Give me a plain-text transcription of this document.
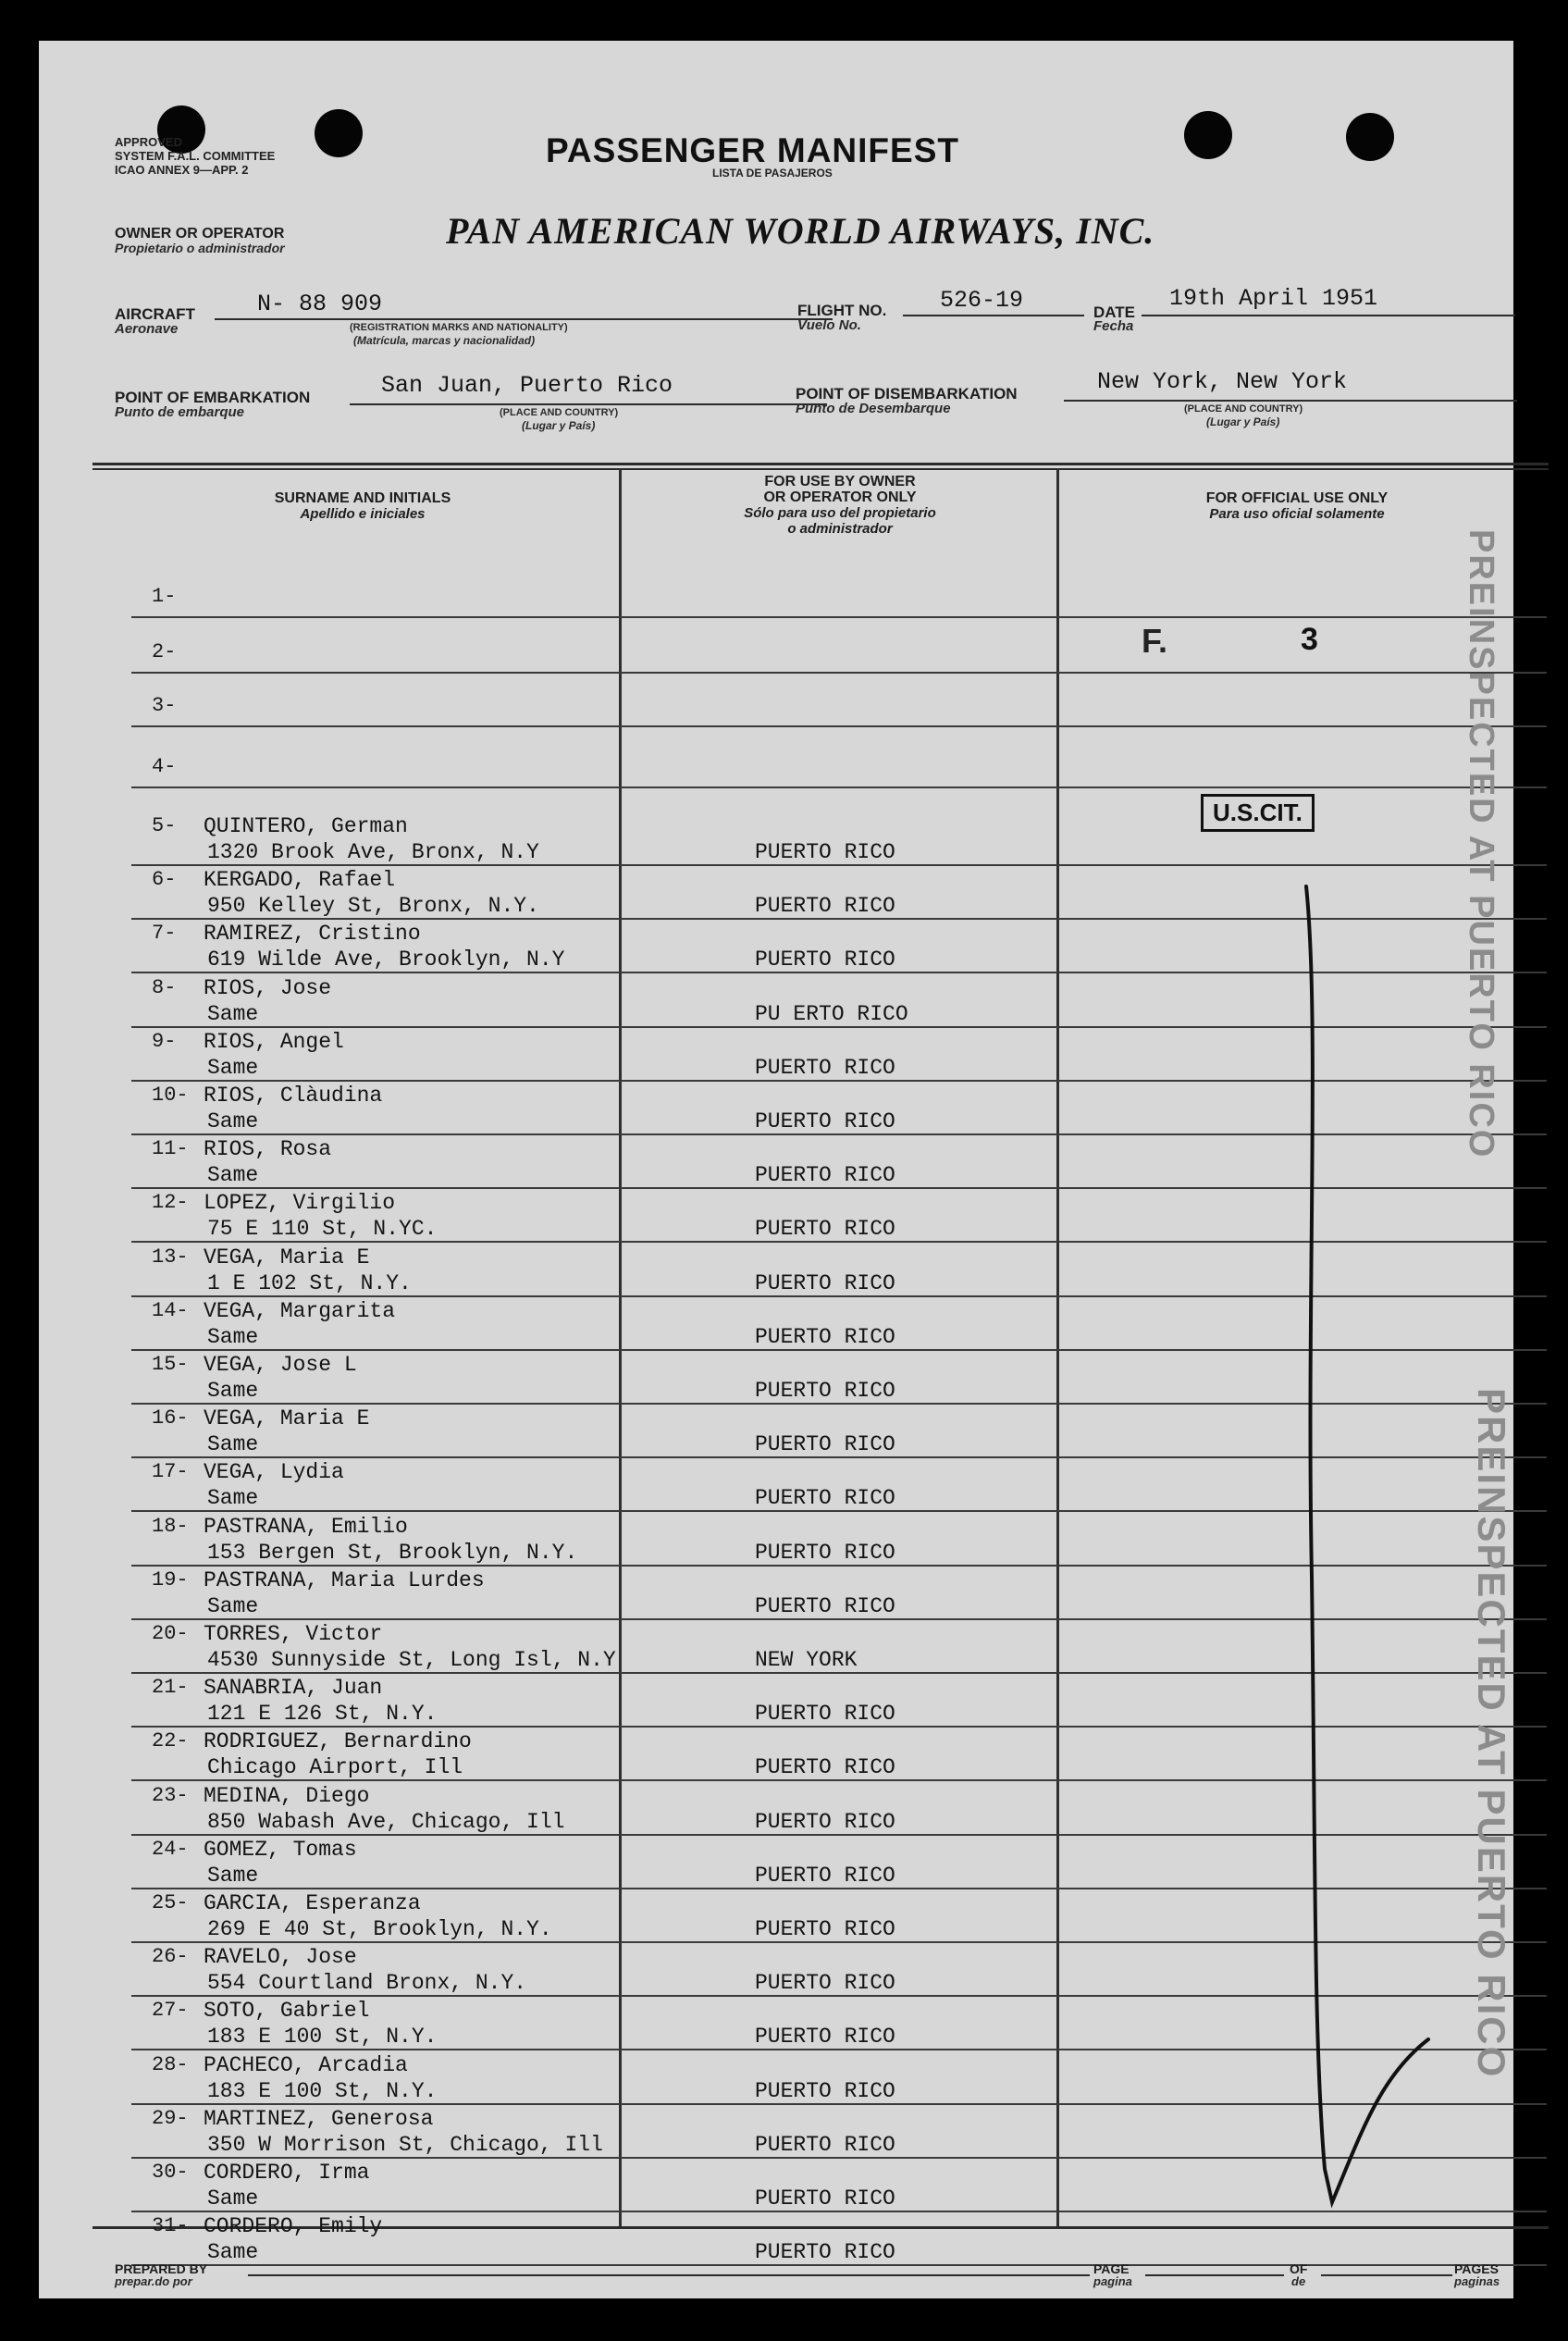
APPROVED
SYSTEM F.A.L. COMMITTEE
ICAO ANNEX 9—APP. 2
PASSENGER MANIFEST
LISTA DE PASAJEROS
OWNER OR OPERATOR
Propietario o administrador	PAN AMERICAN WORLD AIRWAYS, INC.
AIRCRAFT
Aeronave
N- 88 909
(REGISTRATION MARKS AND NATIONALITY)
(Matrícula, marcas y nacionalidad)
FLIGHT NO.
Vuelo No.
526-19	DATE
Fecha
19th April 1951
POINT OF EMBARKATION
Punto de embarque
San Juan, Puerto Rico
(PLACE AND COUNTRY)
(Lugar y País)
POINT OF DISEMBARKATION
Punto de Desembarque
New York, New York
(PLACE AND COUNTRY)
(Lugar y País)
SURNAME AND INITIALS
Apellido e iniciales
FOR USE BY OWNER
OR OPERATOR ONLY
Sólo para uso del propietario
o administrador
FOR OFFICIAL USE ONLY
Para uso oficial solamente
1-
2-
3-
4-
5- QUINTERO, German
1320 Brook Ave, Bronx, N.Y	PUERTO RICO
6- KERGADO, Rafael
950 Kelley St, Bronx, N.Y.	PUERTO RICO
7- RAMIREZ, Cristino
619 Wilde Ave, Brooklyn, N.Y	PUERTO RICO
8- RIOS, Jose
Same	PU ERTO RICO
9- RIOS, Angel
Same	PUERTO RICO
10- RIOS, Clàudina
Same	PUERTO RICO
11- RIOS, Rosa
Same	PUERTO RICO
12- LOPEZ, Virgilio
75 E 110 St, N.YC.	PUERTO RICO
13- VEGA, Maria E
1 E 102 St, N.Y.	PUERTO RICO
14- VEGA, Margarita
Same	PUERTO RICO
15- VEGA, Jose L
Same	PUERTO RICO
16- VEGA, Maria E
Same	PUERTO RICO
17- VEGA, Lydia
Same	PUERTO RICO
18- PASTRANA, Emilio
153 Bergen St, Brooklyn, N.Y.	PUERTO RICO
19- PASTRANA, Maria Lurdes
Same	PUERTO RICO
20- TORRES, Victor
4530 Sunnyside St, Long Isl, N.Y	NEW YORK
21- SANABRIA, Juan
121 E 126 St, N.Y.	PUERTO RICO
22- RODRIGUEZ, Bernardino
Chicago Airport, Ill	PUERTO RICO
23- MEDINA, Diego
850 Wabash Ave, Chicago, Ill	PUERTO RICO
24- GOMEZ, Tomas
Same	PUERTO RICO
25- GARCIA, Esperanza
269 E 40 St, Brooklyn, N.Y.	PUERTO RICO
26- RAVELO, Jose
554 Courtland Bronx, N.Y.	PUERTO RICO
27- SOTO, Gabriel
183 E 100 St, N.Y.	PUERTO RICO
28- PACHECO, Arcadia
183 E 100 St, N.Y.	PUERTO RICO
29- MARTINEZ, Generosa
350 W Morrison St, Chicago, Ill	PUERTO RICO
30- CORDERO, Irma
Same	PUERTO RICO
31- CORDERO, Emily
Same	PUERTO RICO
F.	3
U.S.CIT.	PREINSPECTED AT PUERTO RICO
PREINSPECTED AT PUERTO RICO
PREPARED BY
prepar.do por
PAGE
pagina
OF
de
PAGES
paginas
